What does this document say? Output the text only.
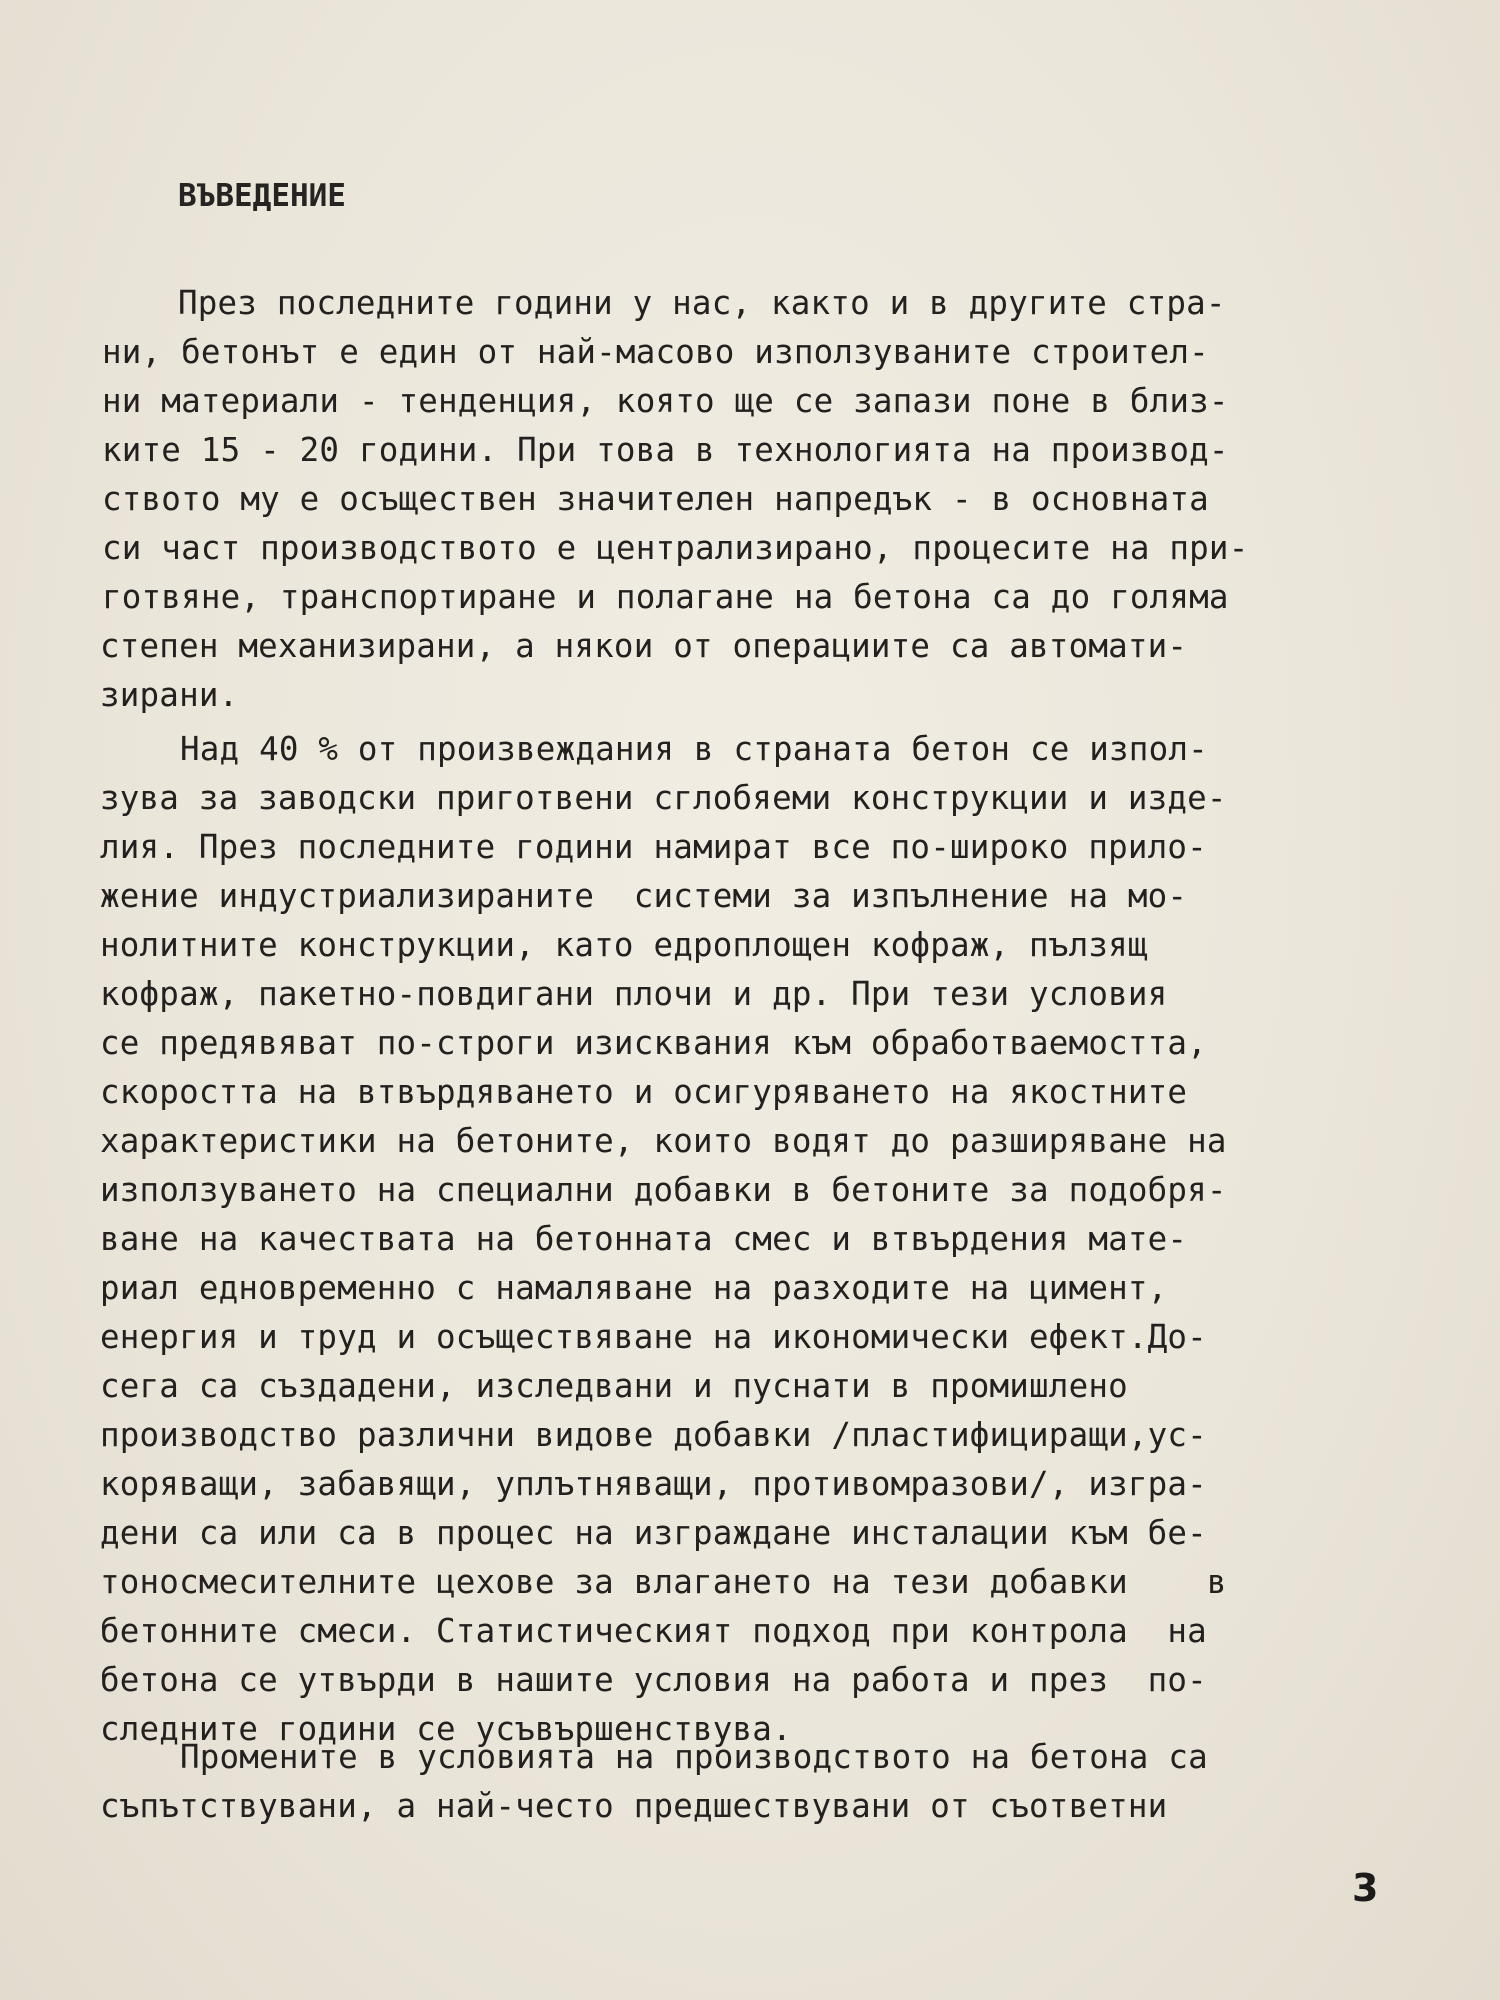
ВЪВЕДЕНИЕ
През последните години у нас, както и в другите стра-
ни, бетонът е един от най-масово използуваните строител-
ни материали - тенденция, която ще се запази поне в близ-
ките 15 - 20 години. При това в технологията на производ-
ството му е осъществен значителен напредък - в основната
си част производството е централизирано, процесите на при-
готвяне, транспортиране и полагане на бетона са до голяма
степен механизирани, а някои от операциите са автомати-
зирани.
Над 40 % от произвеждания в страната бетон се изпол-
зува за заводски приготвени сглобяеми конструкции и изде-
лия. През последните години намират все по-широко прило-
жение индустриализираните  системи за изпълнение на мо-
нолитните конструкции, като едроплощен кофраж, пълзящ
кофраж, пакетно-повдигани плочи и др. При тези условия
се предявяват по-строги изисквания към обработваемостта,
скоростта на втвърдяването и осигуряването на якостните
характеристики на бетоните, които водят до разширяване на
използуването на специални добавки в бетоните за подобря-
ване на качествата на бетонната смес и втвърдения мате-
риал едновременно с намаляване на разходите на цимент,
енергия и труд и осъществяване на икономически ефект.До-
сега са създадени, изследвани и пуснати в промишлено
производство различни видове добавки /пластифициращи,ус-
коряващи, забавящи, уплътняващи, противомразови/, изгра-
дени са или са в процес на изграждане инсталации към бе-
тоносмесителните цехове за влагането на тези добавки    в
бетонните смеси. Статистическият подход при контрола  на
бетона се утвърди в нашите условия на работа и през  по-
следните години се усъвършенствува.
Промените в условията на производството на бетона са
съпътствувани, а най-често предшествувани от съответни
3
